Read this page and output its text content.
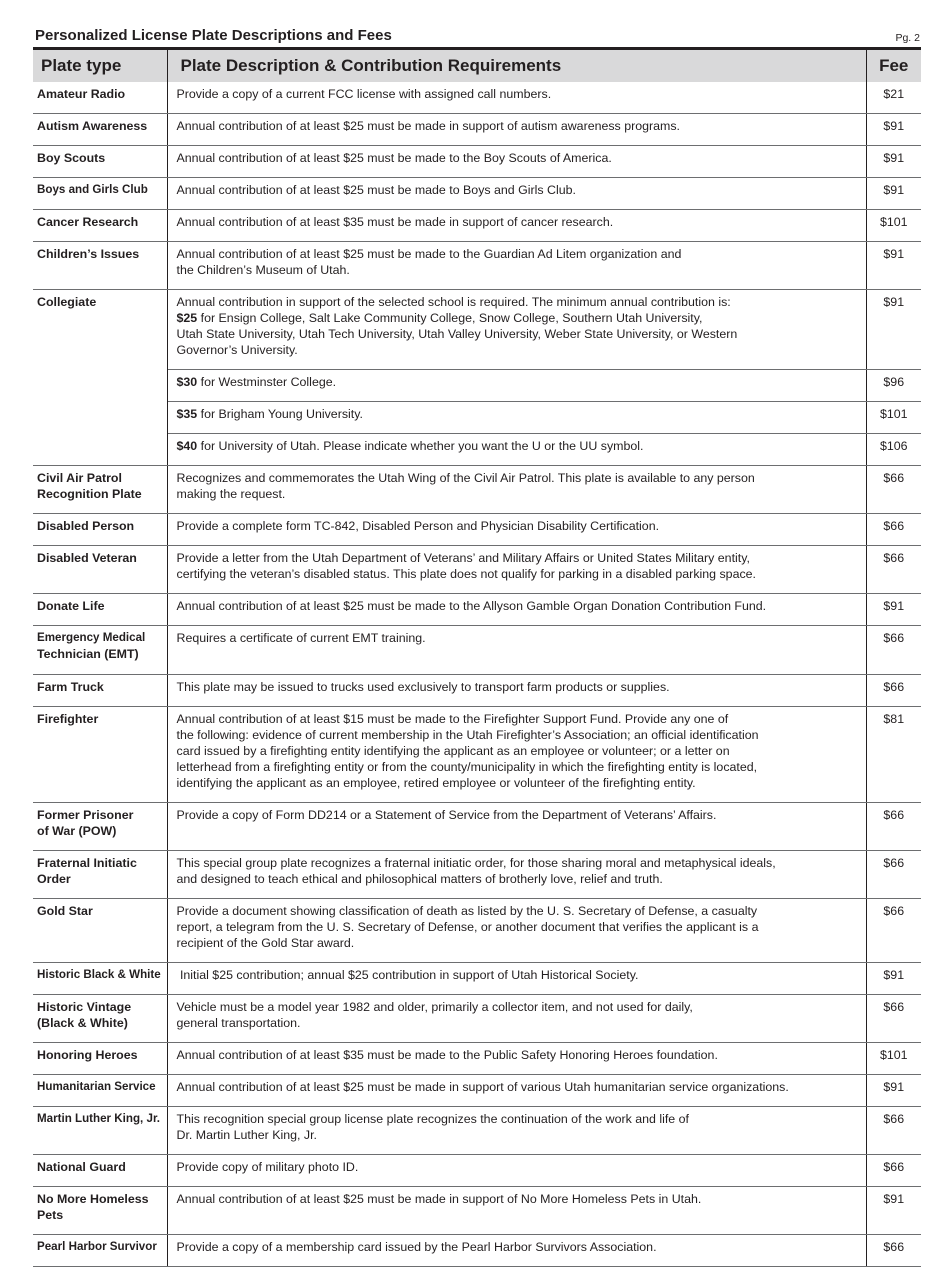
Personalized License Plate Descriptions and Fees	Pg. 2
Plate type	Plate Description & Contribution Requirements	Fee
Amateur Radio	Provide a copy of a current FCC license with assigned call numbers.	$21
Autism Awareness	Annual contribution of at least $25 must be made in support of autism awareness programs.	$91
Boy Scouts	Annual contribution of at least $25 must be made to the Boy Scouts of America.	$91
Boys and Girls Club	Annual contribution of at least $25 must be made to Boys and Girls Club.	$91
Cancer Research	Annual contribution of at least $35 must be made in support of cancer research.	$101
Children’s Issues	Annual contribution of at least $25 must be made to the Guardian Ad Litem organization and
the Children’s Museum of Utah.	$91
Collegiate	Annual contribution in support of the selected school is required. The minimum annual contribution is:
$25 for Ensign College, Salt Lake Community College, Snow College, Southern Utah University,
Utah State University, Utah Tech University, Utah Valley University, Weber State University, or Western
Governor’s University.	$91
	$30 for Westminster College.	$96
	$35 for Brigham Young University.	$101
	$40 for University of Utah. Please indicate whether you want the U or the UU symbol.	$106
Civil Air Patrol
Recognition Plate	Recognizes and commemorates the Utah Wing of the Civil Air Patrol. This plate is available to any person
making the request.	$66
Disabled Person	Provide a complete form TC-842, Disabled Person and Physician Disability Certification.	$66
Disabled Veteran	Provide a letter from the Utah Department of Veterans’ and Military Affairs or United States Military entity,
certifying the veteran’s disabled status. This plate does not qualify for parking in a disabled parking space.	$66
Donate Life	Annual contribution of at least $25 must be made to the Allyson Gamble Organ Donation Contribution Fund.	$91
Emergency Medical
Technician (EMT)	Requires a certificate of current EMT training.	$66
Farm Truck	This plate may be issued to trucks used exclusively to transport farm products or supplies.	$66
Firefighter	Annual contribution of at least $15 must be made to the Firefighter Support Fund. Provide any one of
the following: evidence of current membership in the Utah Firefighter’s Association; an official identification
card issued by a firefighting entity identifying the applicant as an employee or volunteer; or a letter on
letterhead from a firefighting entity or from the county/municipality in which the firefighting entity is located,
identifying the applicant as an employee, retired employee or volunteer of the firefighting entity.	$81
Former Prisoner
of War (POW)	Provide a copy of Form DD214 or a Statement of Service from the Department of Veterans’ Affairs.	$66
Fraternal Initiatic
Order	This special group plate recognizes a fraternal initiatic order, for those sharing moral and metaphysical ideals,
and designed to teach ethical and philosophical matters of brotherly love, relief and truth.	$66
Gold Star	Provide a document showing classification of death as listed by the U. S. Secretary of Defense, a casualty
report, a telegram from the U. S. Secretary of Defense, or another document that verifies the applicant is a
recipient of the Gold Star award.	$66
Historic Black & White	Initial $25 contribution; annual $25 contribution in support of Utah Historical Society.	$91
Historic Vintage
(Black & White)	Vehicle must be a model year 1982 and older, primarily a collector item, and not used for daily,
general transportation.	$66
Honoring Heroes	Annual contribution of at least $35 must be made to the Public Safety Honoring Heroes foundation.	$101
Humanitarian Service	Annual contribution of at least $25 must be made in support of various Utah humanitarian service organizations.	$91
Martin Luther King, Jr.	This recognition special group license plate recognizes the continuation of the work and life of
Dr. Martin Luther King, Jr.	$66
National Guard	Provide copy of military photo ID.	$66
No More Homeless
Pets	Annual contribution of at least $25 must be made in support of No More Homeless Pets in Utah.	$91
Pearl Harbor Survivor	Provide a copy of a membership card issued by the Pearl Harbor Survivors Association.	$66
